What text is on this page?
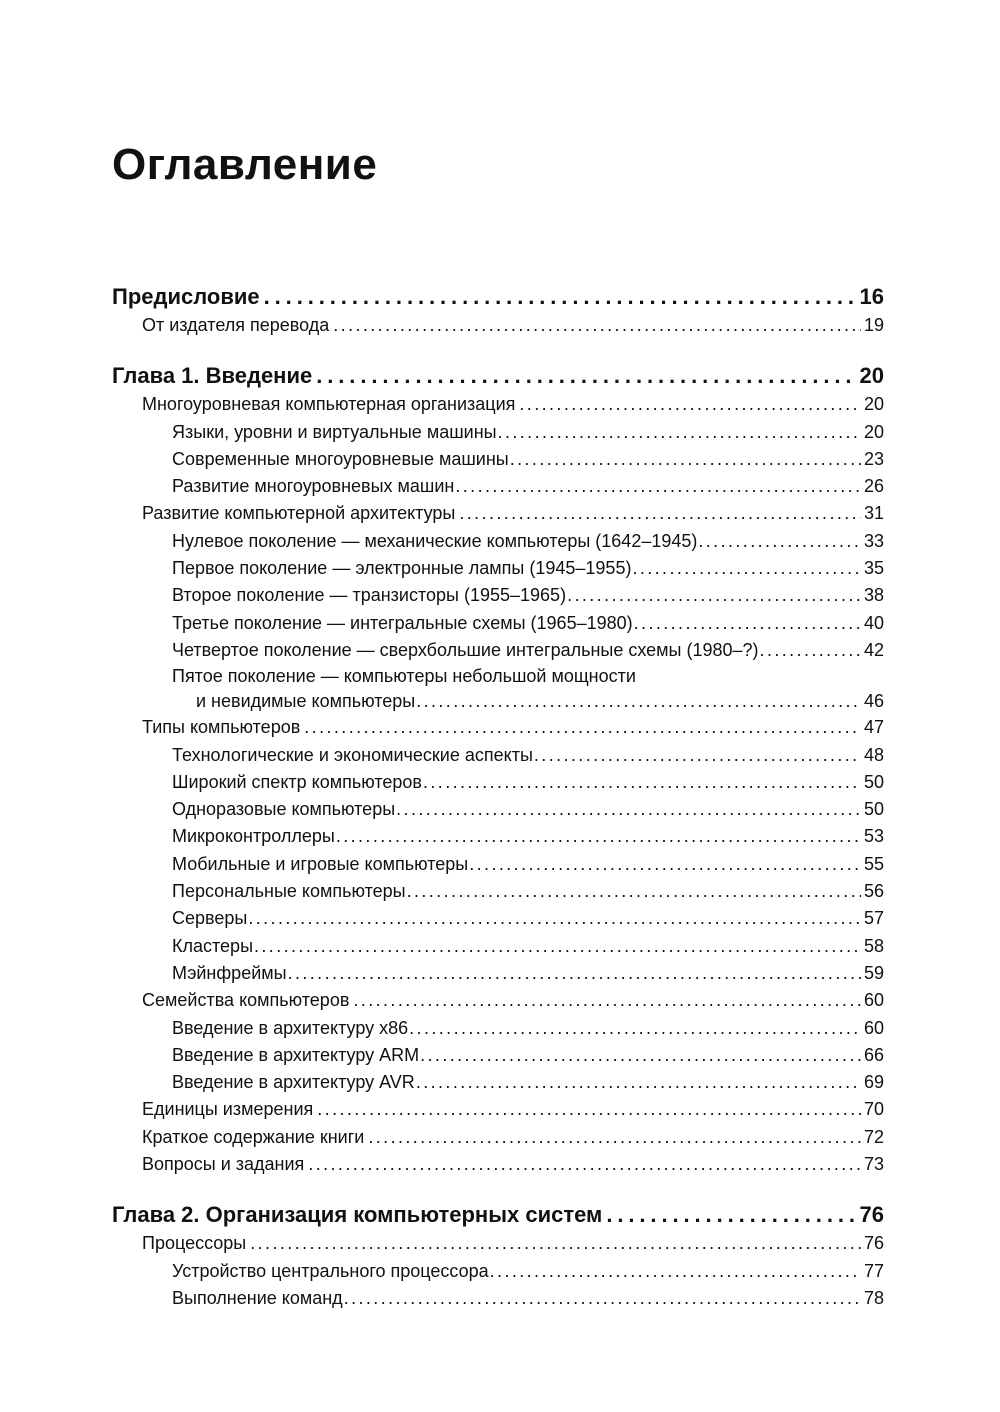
Оглавление
Предисловие . . .	16
От издателя перевода . . .	19
Глава 1. Введение . . .	20
Многоуровневая компьютерная организация . . .	20
Языки, уровни и виртуальные машины . . .	20
Современные многоуровневые машины . . .	23
Развитие многоуровневых машин . . .	26
Развитие компьютерной архитектуры . . .	31
Нулевое поколение — механические компьютеры (1642–1945) . . .	33
Первое поколение — электронные лампы (1945–1955) . . .	35
Второе поколение — транзисторы (1955–1965) . . .	38
Третье поколение — интегральные схемы (1965–1980) . . .	40
Четвертое поколение — сверхбольшие интегральные схемы (1980–?) . . .	42
Пятое поколение — компьютеры небольшой мощности
и невидимые компьютеры . . .	46
Типы компьютеров . . .	47
Технологические и экономические аспекты . . .	48
Широкий спектр компьютеров . . .	50
Одноразовые компьютеры . . .	50
Микроконтроллеры . . .	53
Мобильные и игровые компьютеры . . .	55
Персональные компьютеры . . .	56
Серверы . . .	57
Кластеры . . .	58
Мэйнфреймы . . .	59
Семейства компьютеров . . .	60
Введение в архитектуру x86 . . .	60
Введение в архитектуру ARM . . .	66
Введение в архитектуру AVR . . .	69
Единицы измерения . . .	70
Краткое содержание книги . . .	72
Вопросы и задания . . .	73
Глава 2. Организация компьютерных систем . . .	76
Процессоры . . .	76
Устройство центрального процессора . . .	77
Выполнение команд . . .	78
